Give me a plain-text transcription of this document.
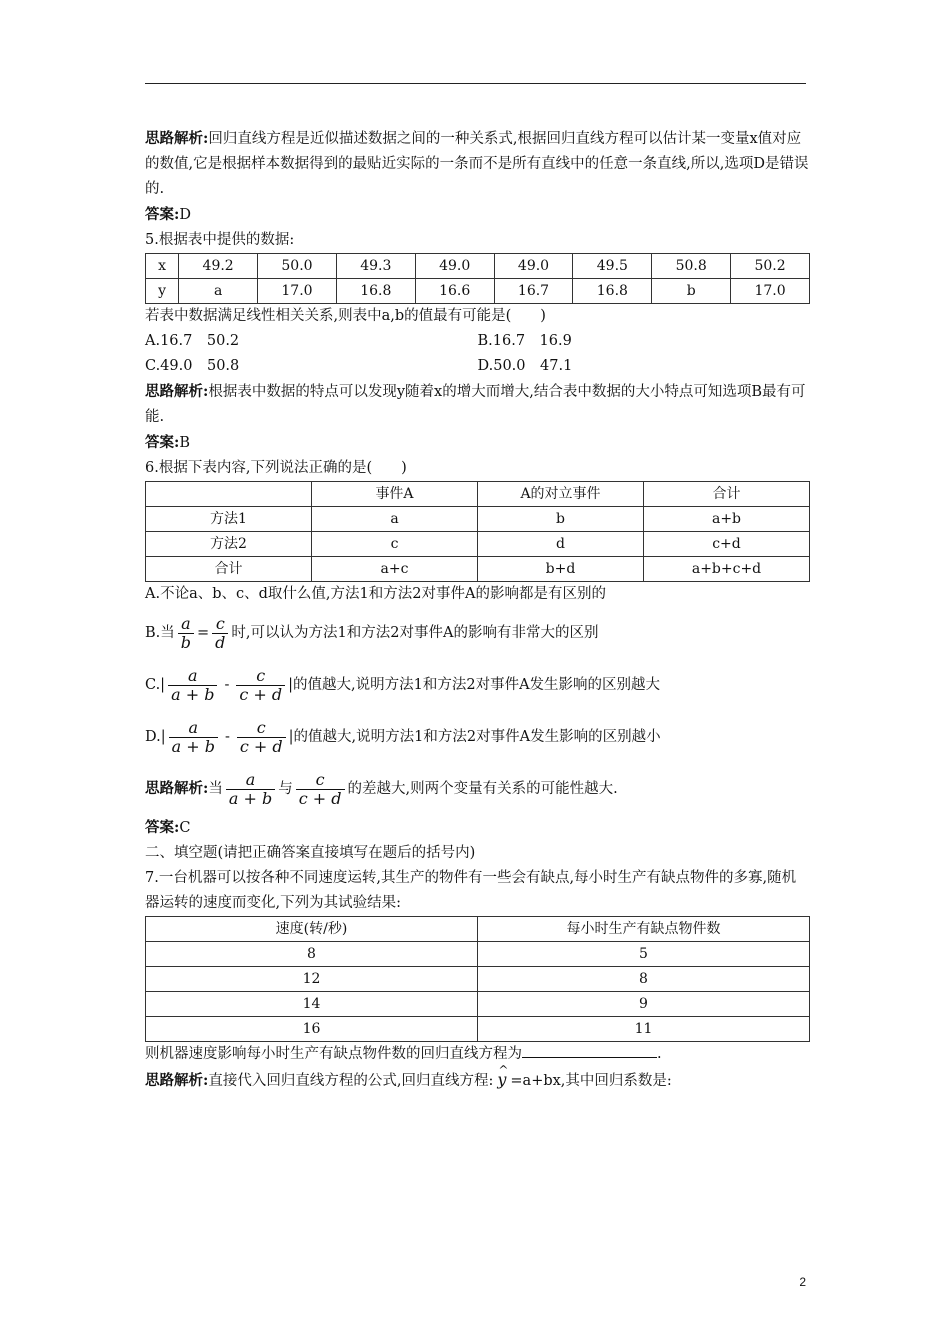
思路解析:回归直线方程是近似描述数据之间的一种关系式,根据回归直线方程可以估计某一变量x值对应的数值,它是根据样本数据得到的最贴近实际的一条而不是所有直线中的任意一条直线,所以,选项D是错误的.

答案:D

5.根据表中提供的数据:

x	49.2	50.0	49.3	49.0	49.0	49.5	50.8	50.2
y	a	17.0	16.8	16.6	16.7	16.8	b	17.0

若表中数据满足线性相关关系,则表中a,b的值最有可能是(　　)

A.16.7　50.2	B.16.7　16.9
C.49.0　50.8	D.50.0　47.1

思路解析:根据表中数据的特点可以发现y随着x的增大而增大,结合表中数据的大小特点可知选项B最有可能.

答案:B

6.根据下表内容,下列说法正确的是(　　)

	事件A	A的对立事件	合计
方法1	a	b	a+b
方法2	c	d	c+d
合计	a+c	b+d	a+b+c+d

A.不论a、b、c、d取什么值,方法1和方法2对事件A的影响都是有区别的

B.当 $\frac{a}{b} = \frac{c}{d}$ 时,可以认为方法1和方法2对事件A的影响有非常大的区别

$C.| \frac{a}{a + b} - \frac{c}{c + d}$ |的值越大,说明方法1和方法2对事件A发生影响的区别越大

$D.| \frac{a}{a + b} - \frac{c}{c + d}$ |的值越大,说明方法1和方法2对事件A发生影响的区别越小

思路解析:当 $\frac{a}{a + b}$ 与 $\frac{c}{c + d}$ 的差越大,则两个变量有关系的可能性越大.

答案:C

二、填空题(请把正确答案直接填写在题后的括号内)

7.一台机器可以按各种不同速度运转,其生产的物件有一些会有缺点,每小时生产有缺点物件的多寡,随机器运转的速度而变化,下列为其试验结果:

速度(转/秒)	每小时生产有缺点物件数
8	5
12	8
14	9
16	11

则机器速度影响每小时生产有缺点物件数的回归直线方程为	.

思路解析:直接代入回归直线方程的公式,回归直线方程: ^ y =a+bx,其中回归系数是:

2
